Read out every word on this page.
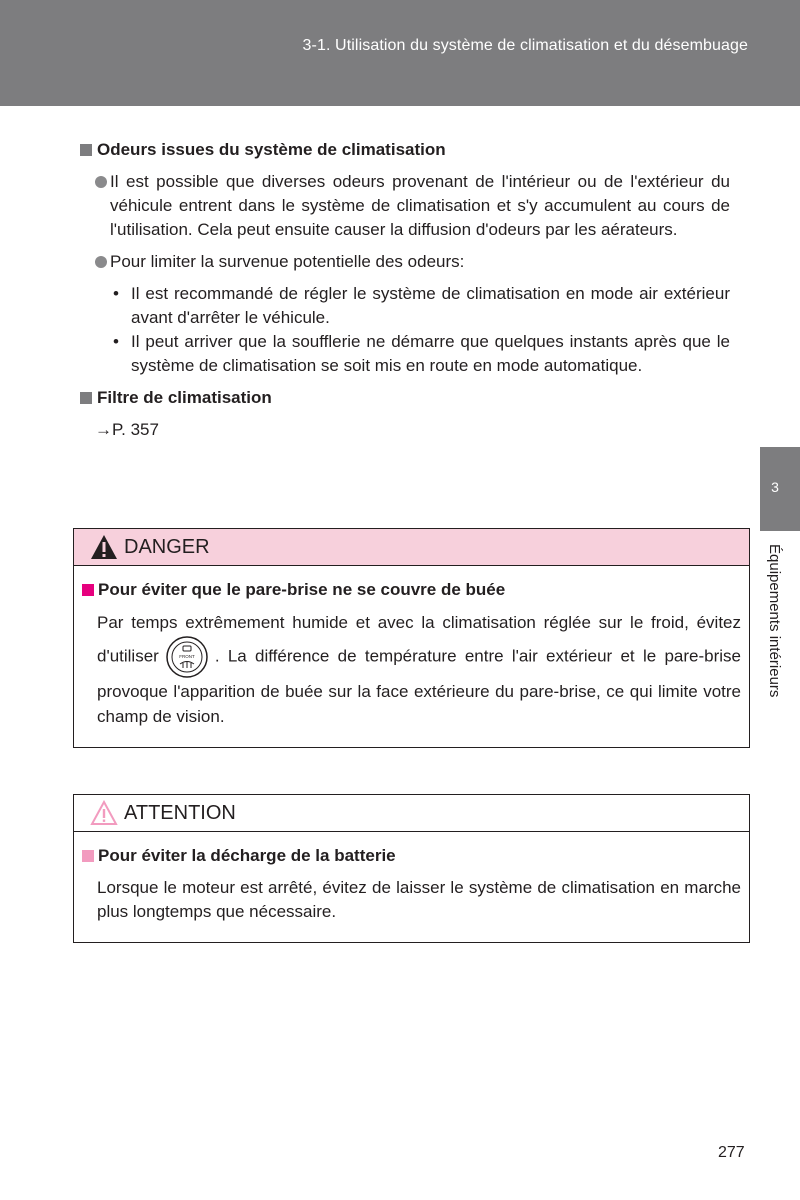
3-1. Utilisation du système de climatisation et du désembuage
3
Équipements intérieurs
Odeurs issues du système de climatisation
Il est possible que diverses odeurs provenant de l'intérieur ou de l'extérieur du véhicule entrent dans le système de climatisation et s'y accumulent au cours de l'utilisation. Cela peut ensuite causer la diffusion d'odeurs par les aérateurs.
Pour limiter la survenue potentielle des odeurs:
• Il est recommandé de régler le système de climatisation en mode air extérieur avant d'arrêter le véhicule.
• Il peut arriver que la soufflerie ne démarre que quelques instants après que le système de climatisation se soit mis en route en mode automatique.
Filtre de climatisation
→P. 357
DANGER
Pour éviter que le pare-brise ne se couvre de buée
Par temps extrêmement humide et avec la climatisation réglée sur le froid, évitez d'utiliser	FRONT . La différence de température entre l'air extérieur et le pare-brise provoque l'apparition de buée sur la face extérieure du pare-brise, ce qui limite votre champ de vision.
ATTENTION
Pour éviter la décharge de la batterie
Lorsque le moteur est arrêté, évitez de laisser le système de climatisation en marche plus longtemps que nécessaire.
277
